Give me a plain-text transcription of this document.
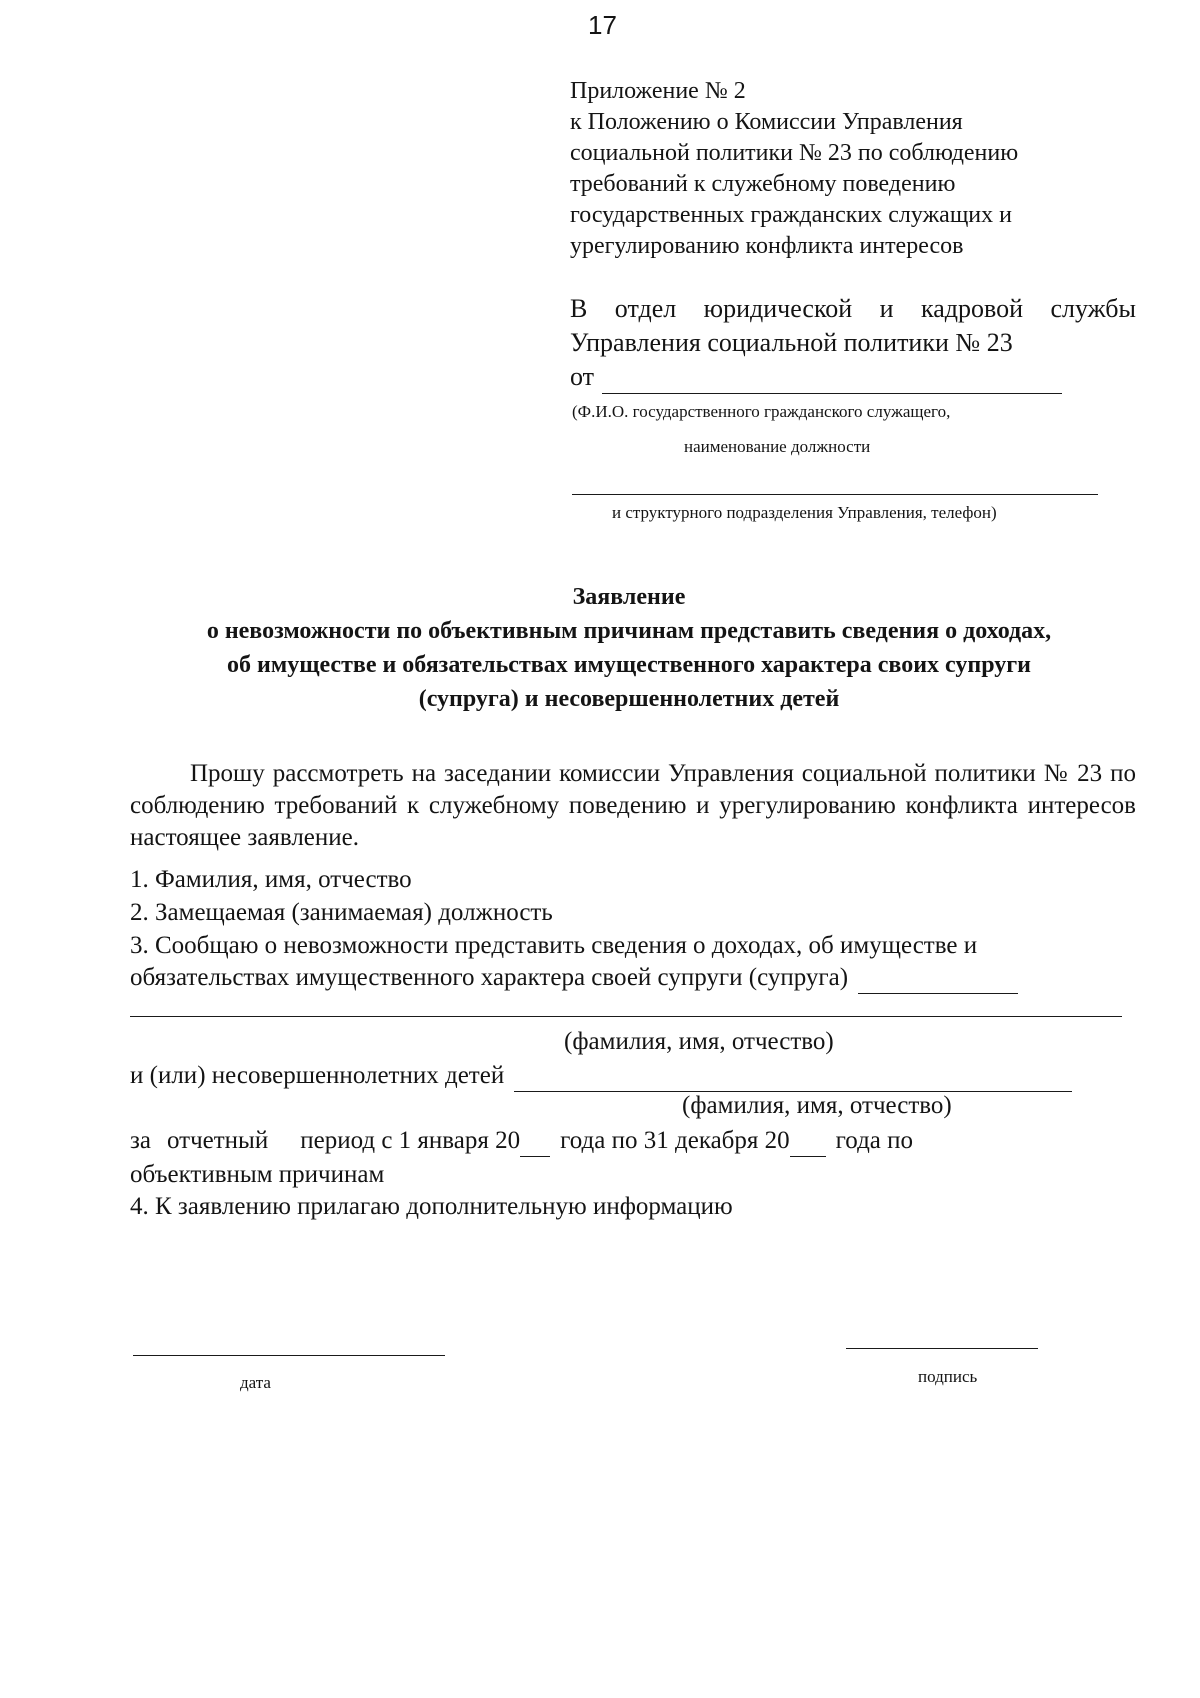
17
Приложение № 2
к Положению о Комиссии Управления
социальной политики № 23 по соблюдению
требований к служебному поведению
государственных гражданских служащих и
урегулированию конфликта интересов
В отдел юридической и кадровой службы
Управления социальной политики № 23
от
(Ф.И.О. государственного гражданского служащего,
наименование должности
и структурного подразделения Управления, телефон)
Заявление
о невозможности по объективным причинам представить сведения о доходах,
об имуществе и обязательствах имущественного характера своих супруги
(супруга) и несовершеннолетних детей
Прошу рассмотреть на заседании комиссии Управления социальной политики № 23 по соблюдению требований к служебному поведению и урегулированию конфликта интересов настоящее заявление.
1. Фамилия, имя, отчество
2. Замещаемая (занимаемая) должность
3. Сообщаю о невозможности представить сведения о доходах, об имуществе и
обязательствах имущественного характера своей супруги (супруга)
(фамилия, имя, отчество)
и (или) несовершеннолетних детей
(фамилия, имя, отчество)
за отчетный период с 1 января 20 года по 31 декабря 20 года по
объективным причинам
4. К заявлению прилагаю дополнительную информацию
дата	подпись
